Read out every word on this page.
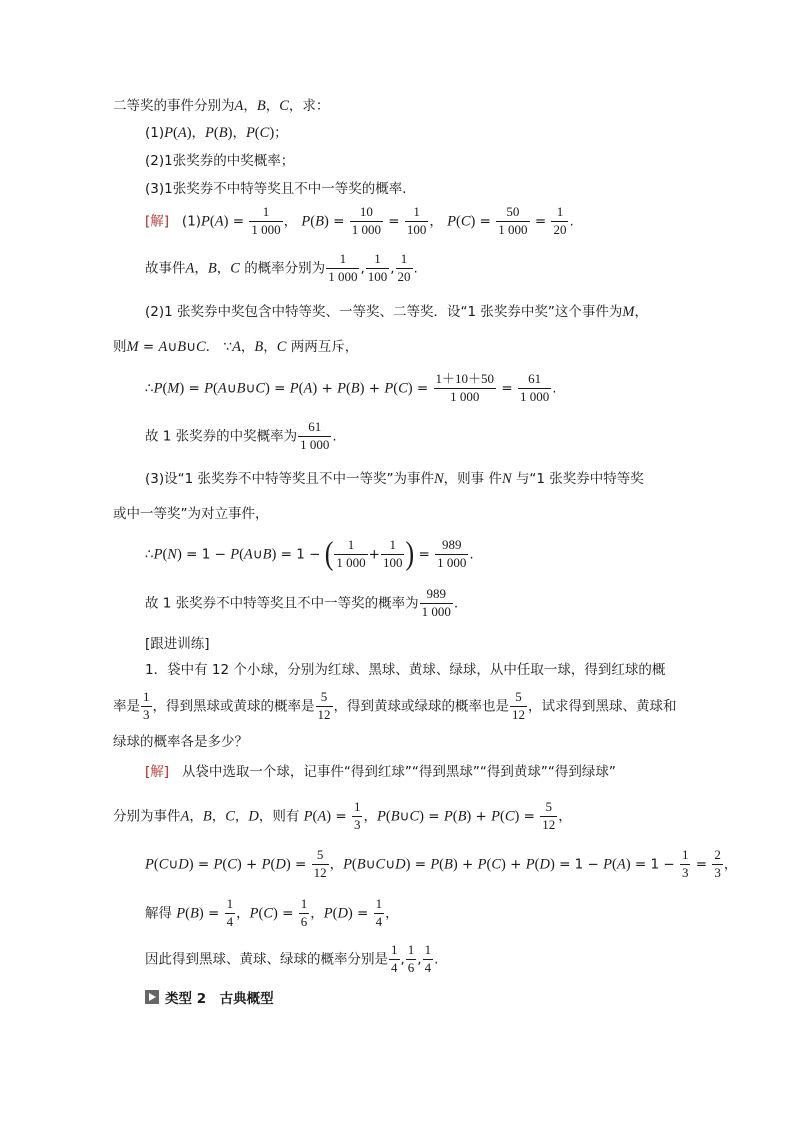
二等奖的事件分别为A，B，C，求：
(1)P(A)，P(B)，P(C)；
(2)1张奖券的中奖概率；
(3)1张奖券不中特等奖且不中一等奖的概率．
[解] $(1)P(A) = \frac{1}{1 000}$ ， $P(B) = \frac{10}{1 000} = \frac{1}{100}$ ， $P(C) = \frac{50}{1 000} = \frac{1}{20}$ .
故事件A，B，C 的概率分别为 $\frac{1}{1 000}$ , $\frac{1}{100}$ , $\frac{1}{20}$ .
(2)1 张奖券中奖包含中特等奖、一等奖、二等奖．设“1 张奖券中奖”这个事件为M，
则M = A∪B∪C． ∵A，B，C 两两互斥，
∴P(M) = P(A∪B∪C) = $P(A) + P(B) + P(C) = \frac{1+10+50}{1 000} = \frac{61}{1 000}$ .
故 1 张奖券的中奖概率为 $\frac{61}{1 000}$ .
(3)设“1 张奖券不中特等奖且不中一等奖”为事件N，则事 件N 与“1 张奖券中特等奖
或中一等奖”为对立事件，
∴P(N) = 1 − P(A∪B) = 1 − ( $\frac{1}{1 000} + \frac{1}{100}$ ) = $\frac{989}{1 000}$ .
故 1 张奖券不中特等奖且不中一等奖的概率为 $\frac{989}{1 000}$ .
[跟进训练]
1．袋中有 12 个小球，分别为红球、黑球、黄球、绿球，从中任取一球，得到红球的概
率是 $\frac{1}{3}$ ，得到黑球或黄球的概率是 $\frac{5}{12}$ ，得到黄球或绿球的概率也是 $\frac{5}{12}$ ，试求得到黑球、黄球和
绿球的概率各是多少？
[解] 从袋中选取一个球，记事件“得到红球”“得到黑球”“得到黄球”“得到绿球”
分别为事件A，B，C，D，则有 $P(A) = \frac{1}{3}$ ，P(B∪C) = $P(B) + P(C) = \frac{5}{12}$ ，
P(C∪D) = $P(C) + P(D) = \frac{5}{12}$ ，P(B∪C∪D) = $P(B) + P(C) + P(D) = 1 - P(A) = 1 - \frac{1}{3} = \frac{2}{3}$ ，
解得 $P(B) = \frac{1}{4}$ ，$P(C) = \frac{1}{6}$ ，$P(D) = \frac{1}{4}$ ，
因此得到黑球、黄球、绿球的概率分别是 $\frac{1}{4}$ , $\frac{1}{6}$ , $\frac{1}{4}$ .
类型 2　古典概型
